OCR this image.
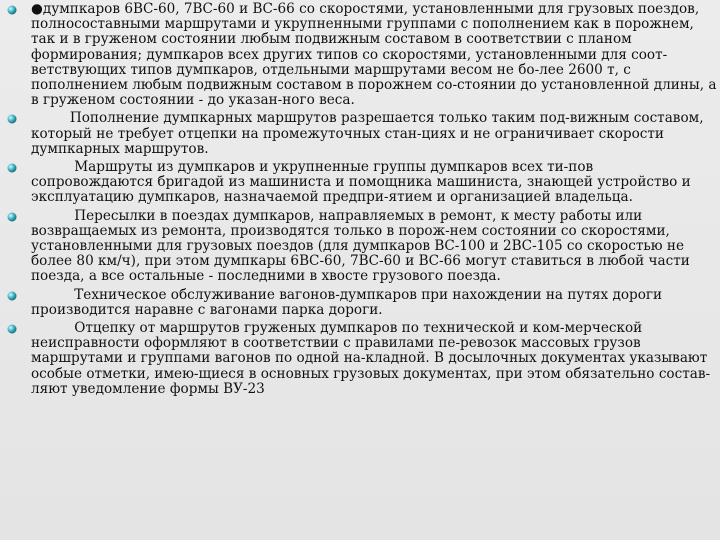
●думпкаров 6ВС-60, 7ВС-60 и ВС-66 со скоростями, установленными для грузовых поездов, полносоставными маршрутами и укрупненными группами с пополнением как в порожнем, так и в груженом состоянии любым подвижным составом в соответствии с планом формирования; думпкаров всех других типов со скоростями, установленными для соот-ветствующих типов думпкаров, отдельными маршрутами весом не бо-лее 2600 т, с пополнением любым подвижным составом в порожнем со-стоянии до установленной длины, а в груженом состоянии - до указан-ного веса.

Пополнение думпкарных маршрутов разрешается только таким под-вижным составом, который не требует отцепки на промежуточных стан-циях и не ограничивает скорости думпкарных маршрутов.

Маршруты из думпкаров и укрупненные группы думпкаров всех ти-пов сопровождаются бригадой из машиниста и помощника машиниста, знающей устройство и эксплуатацию думпкаров, назначаемой предпри-ятием и организацией владельца.

Пересылки в поездах думпкаров, направляемых в ремонт, к месту работы или возвращаемых из ремонта, производятся только в порож-нем состоянии со скоростями, установленными для грузовых поездов (для думпкаров ВС-100 и 2ВС-105 со скоростью не более 80 км/ч), при этом думпкары 6ВС-60, 7ВС-60 и ВС-66 могут ставиться в любой части поезда, а все остальные - последними в хвосте грузового поезда.

Техническое обслуживание вагонов-думпкаров при нахождении на путях дороги производится наравне с вагонами парка дороги.

Отцепку от маршрутов груженых думпкаров по технической и ком-мерческой неисправности оформляют в соответствии с правилами пе-ревозок массовых грузов маршрутами и группами вагонов по одной на-кладной. В досылочных документах указывают особые отметки, имею-щиеся в основных грузовых документах, при этом обязательно состав-ляют уведомление формы ВУ-23
